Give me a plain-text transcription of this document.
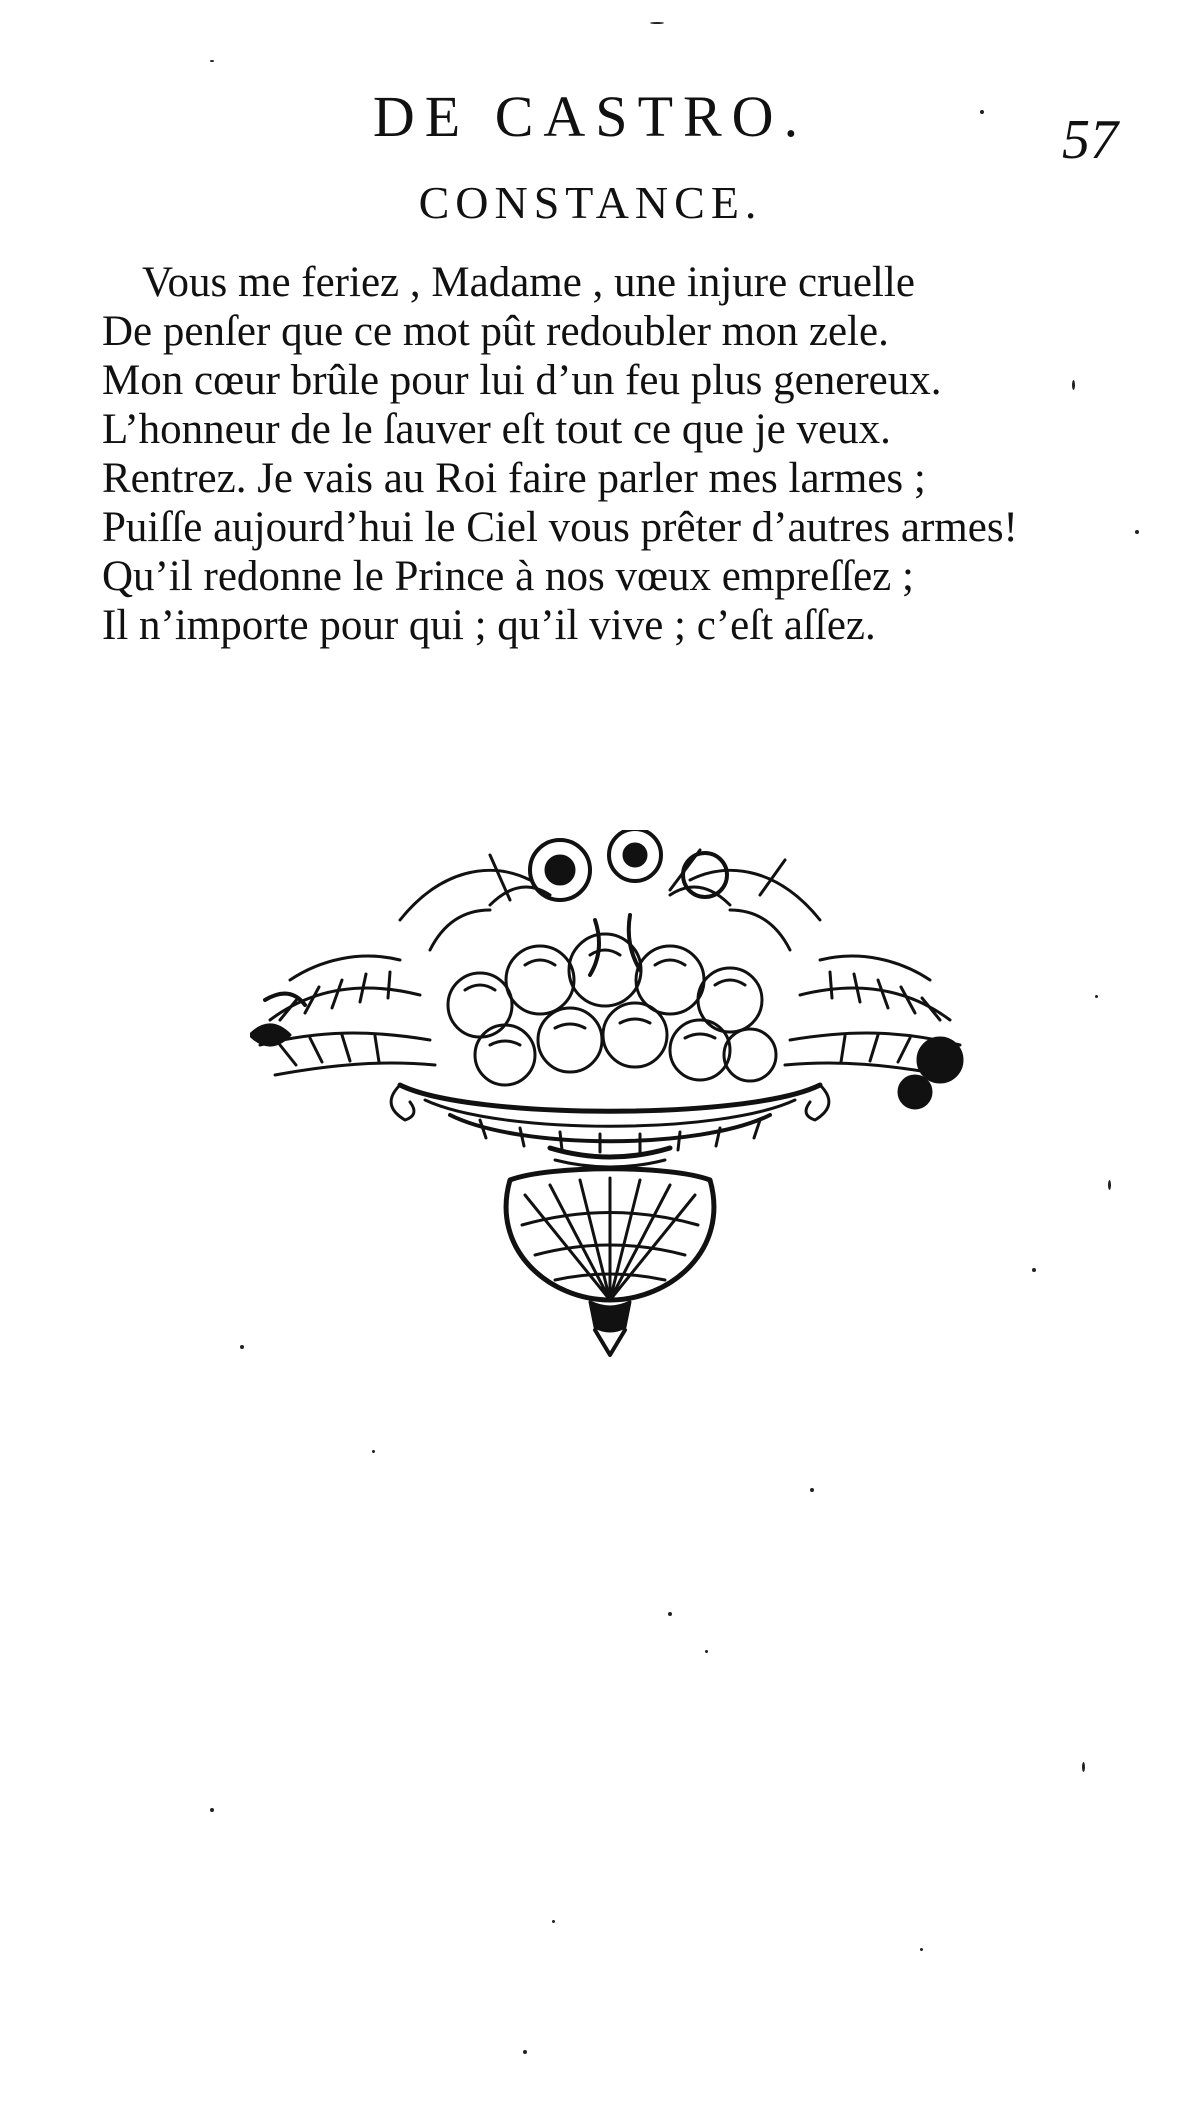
DE CASTRO.	57
CONSTANCE.
Vous me feriez , Madame , une injure cruelle
De penſer que ce mot pût redoubler mon zele.
Mon cœur brûle pour lui d’un feu plus genereux.
L’honneur de le ſauver eſt tout ce que je veux.
Rentrez. Je vais au Roi faire parler mes larmes ;
Puiſſe aujourd’hui le Ciel vous prêter d’autres armes!
Qu’il redonne le Prince à nos vœux empreſſez ;
Il n’importe pour qui ; qu’il vive ; c’eſt aſſez.
